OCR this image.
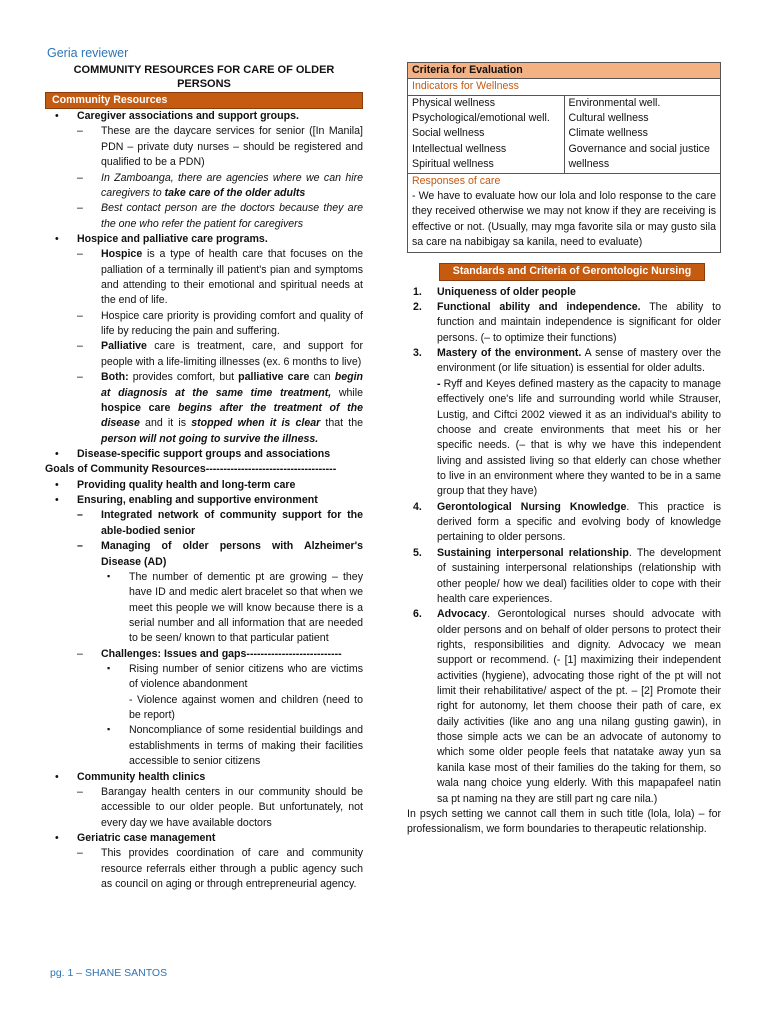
Geria reviewer
COMMUNITY RESOURCES FOR CARE OF OLDER PERSONS
Community Resources
• Caregiver associations and support groups.
– These are the daycare services for senior ([In Manila] PDN – private duty nurses – should be registered and qualified to be a PDN)
– In Zamboanga, there are agencies where we can hire caregivers to take care of the older adults
– Best contact person are the doctors because they are the one who refer the patient for caregivers
• Hospice and palliative care programs.
– Hospice is a type of health care that focuses on the palliation of a terminally ill patient's pian and symptoms and attending to their emotional and spiritual needs at the end of life.
– Hospice care priority is providing comfort and quality of life by reducing the pain and suffering.
– Palliative care is treatment, care, and support for people with a life-limiting illnesses (ex. 6 months to live)
– Both: provides comfort, but palliative care can begin at diagnosis at the same time treatment, while hospice care begins after the treatment of the disease and it is stopped when it is clear that the person will not going to survive the illness.
• Disease-specific support groups and associations
Goals of Community Resources-------------------------------------
• Providing quality health and long-term care
• Ensuring, enabling and supportive environment
– Integrated network of community support for the able-bodied senior
– Managing of older persons with Alzheimer's Disease (AD)
▪ The number of dementic pt are growing – they have ID and medic alert bracelet so that when we meet this people we will know because there is a serial number and all information that are needed to be seen/ known to that particular patient
– Challenges: Issues and gaps---------------------------
▪ Rising number of senior citizens who are victims of violence abandonment
- Violence against women and children (need to be report)
▪ Noncompliance of some residential buildings and establishments in terms of making their facilities accessible to senior citizens
• Community health clinics
– Barangay health centers in our community should be accessible to our older people. But unfortunately, not every day we have available doctors
• Geriatric case management
– This provides coordination of care and community resource referrals either through a public agency such as council on aging or through entrepreneurial agency.
Criteria for Evaluation
Indicators for Wellness
Physical wellness
Psychological/emotional well.
Social wellness
Intellectual wellness
Spiritual wellness
Environmental well.
Cultural wellness
Climate wellness
Governance and social justice wellness
Responses of care
- We have to evaluate how our lola and lolo response to the care they received otherwise we may not know if they are receiving is effective or not. (Usually, may mga favorite sila or may gusto sila sa care na nabibigay sa kanila, need to evaluate)
Standards and Criteria of Gerontologic Nursing
1. Uniqueness of older people
2. Functional ability and independence. The ability to function and maintain independence is significant for older persons. (– to optimize their functions)
3. Mastery of the environment. A sense of mastery over the environment (or life situation) is essential for older adults.
- Ryff and Keyes defined mastery as the capacity to manage effectively one's life and surrounding world while Strauser, Lustig, and Ciftci 2002 viewed it as an individual's ability to choose and create environments that meet his or her specific needs. (– that is why we have this independent living and assisted living so that elderly can chose whether to live in an environment where they wanted to be in a same group that they have)
4. Gerontological Nursing Knowledge. This practice is derived form a specific and evolving body of knowledge pertaining to older persons.
5. Sustaining interpersonal relationship. The development of sustaining interpersonal relationships (relationship with other people/ how we deal) facilities older to cope with their health care experiences.
6. Advocacy. Gerontological nurses should advocate with older persons and on behalf of older persons to protect their rights, responsibilities and dignity. Advocacy we mean support or recommend. (- [1] maximizing their independent activities (hygiene), advocating those right of the pt will not limit their rehabilitative/ aspect of the pt. – [2] Promote their right for autonomy, let them choose their path of care, ex daily activities (like ano ang una nilang gusting gawin), in those simple acts we can be an advocate of autonomy to which some older people feels that natatake away yun sa kanila kase most of their families do the taking for them, so wala nang choice yung elderly. With this mapapafeel natin sa pt naming na they are still part ng care nila.)
In psych setting we cannot call them in such title (lola, lola) – for professionalism, we form boundaries to therapeutic relationship.
pg. 1 – SHANE SANTOS
